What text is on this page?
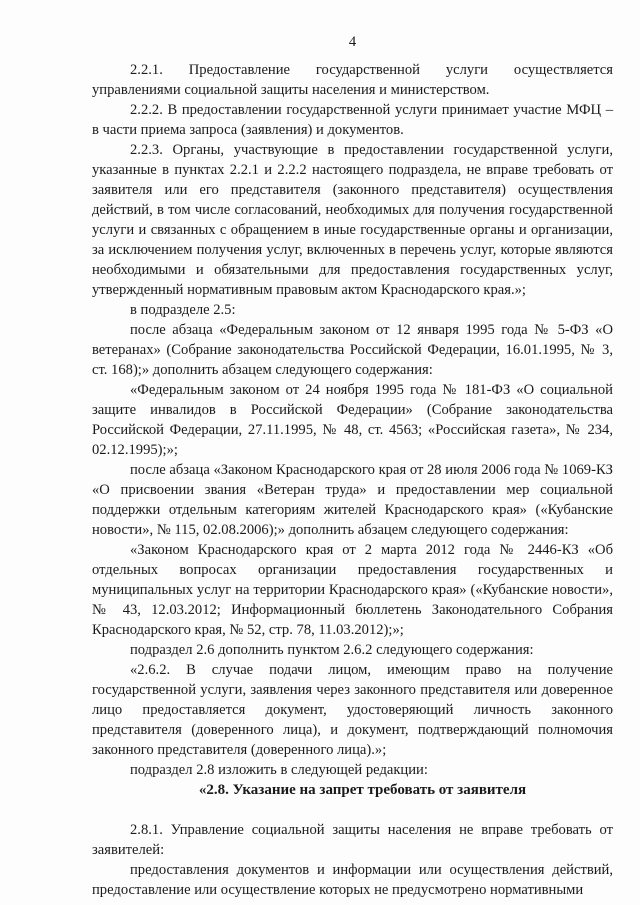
4

2.2.1. Предоставление государственной услуги осуществляется управлениями социальной защиты населения и министерством.

2.2.2. В предоставлении государственной услуги принимает участие МФЦ – в части приема запроса (заявления) и документов.

2.2.3. Органы, участвующие в предоставлении государственной услуги, указанные в пунктах 2.2.1 и 2.2.2 настоящего подраздела, не вправе требовать от заявителя или его представителя (законного представителя) осуществления действий, в том числе согласований, необходимых для получения государственной услуги и связанных с обращением в иные государственные органы и организации, за исключением получения услуг, включенных в перечень услуг, которые являются необходимыми и обязательными для предоставления государственных услуг, утвержденный нормативным правовым актом Краснодарского края.»;

в подразделе 2.5:

после абзаца «Федеральным законом от 12 января 1995 года № 5-ФЗ «О ветеранах» (Собрание законодательства Российской Федерации, 16.01.1995, № 3, ст. 168);» дополнить абзацем следующего содержания:

«Федеральным законом от 24 ноября 1995 года № 181-ФЗ «О социальной защите инвалидов в Российской Федерации» (Собрание законодательства Российской Федерации, 27.11.1995, № 48, ст. 4563; «Российская газета», № 234, 02.12.1995);»;

после абзаца «Законом Краснодарского края от 28 июля 2006 года № 1069-КЗ «О присвоении звания «Ветеран труда» и предоставлении мер социальной поддержки отдельным категориям жителей Краснодарского края» («Кубанские новости», № 115, 02.08.2006);» дополнить абзацем следующего содержания:

«Законом Краснодарского края от 2 марта 2012 года № 2446-КЗ «Об отдельных вопросах организации предоставления государственных и муниципальных услуг на территории Краснодарского края» («Кубанские новости», № 43, 12.03.2012; Информационный бюллетень Законодательного Собрания Краснодарского края, № 52, стр. 78, 11.03.2012);»;

подраздел 2.6 дополнить пунктом 2.6.2 следующего содержания:

«2.6.2. В случае подачи лицом, имеющим право на получение государственной услуги, заявления через законного представителя или доверенное лицо предоставляется документ, удостоверяющий личность законного представителя (доверенного лица), и документ, подтверждающий полномочия законного представителя (доверенного лица).»;

подраздел 2.8 изложить в следующей редакции:

«2.8. Указание на запрет требовать от заявителя

2.8.1. Управление социальной защиты населения не вправе требовать от заявителей:

предоставления документов и информации или осуществления действий, предоставление или осуществление которых не предусмотрено нормативными
